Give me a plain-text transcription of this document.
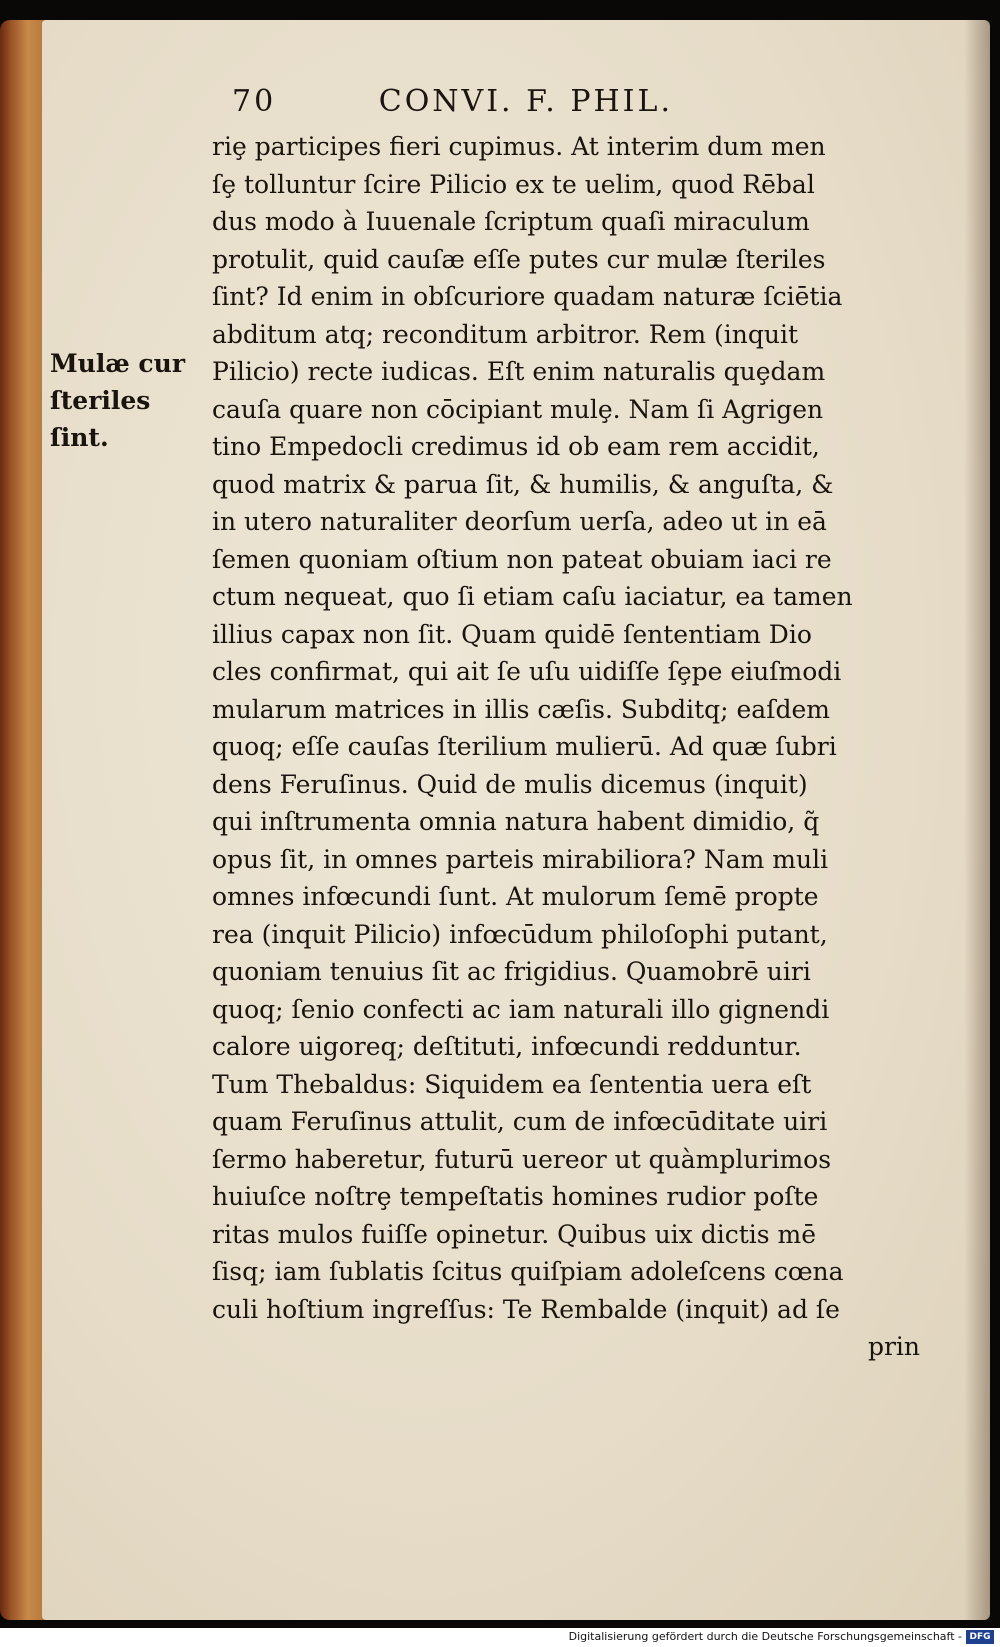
70	CONVI. F. PHIL.
Mulæ cur
ſteriles
ſint.
riȩ participes fieri cupimus. At interim dum men
ſȩ tolluntur ſcire Pilicio ex te uelim, quod Rēbal
dus modo à Iuuenale ſcriptum quaſi miraculum
protulit, quid cauſæ eſſe putes cur mulæ ſteriles
ſint? Id enim in obſcuriore quadam naturæ ſciētia
abditum atq; reconditum arbitror. Rem (inquit
Pilicio) recte iudicas. Eſt enim naturalis quȩdam
cauſa quare non cōcipiant mulȩ. Nam ſi Agrigen
tino Empedocli credimus id ob eam rem accidit,
quod matrix & parua ſit, & humilis, & anguſta, &
in utero naturaliter deorſum uerſa, adeo ut in eā
ſemen quoniam oſtium non pateat obuiam iaci re
ctum nequeat, quo ſi etiam caſu iaciatur, ea tamen
illius capax non ſit. Quam quidē ſententiam Dio
cles confirmat, qui ait ſe uſu uidiſſe ſȩpe eiuſmodi
mularum matrices in illis cæſis. Subditq; eaſdem
quoq; eſſe cauſas ſterilium mulierū. Ad quæ ſubri
dens Feruſinus. Quid de mulis dicemus (inquit)
qui inſtrumenta omnia natura habent dimidio, q̃
opus ſit, in omnes parteis mirabiliora? Nam muli
omnes infœcundi ſunt. At mulorum ſemē propte
rea (inquit Pilicio) infœcūdum philoſophi putant,
quoniam tenuius ſit ac frigidius. Quamobrē uiri
quoq; ſenio confecti ac iam naturali illo gignendi
calore uigoreq; deſtituti, infœcundi redduntur.
Tum Thebaldus: Siquidem ea ſententia uera eſt
quam Feruſinus attulit, cum de infœcūditate uiri
ſermo haberetur, futurū uereor ut quàmplurimos
huiuſce noſtrȩ tempeſtatis homines rudior poſte
ritas mulos fuiſſe opinetur. Quibus uix dictis mē
ſisq; iam ſublatis ſcitus quiſpiam adoleſcens cœna
culi hoſtium ingreſſus: Te Rembalde (inquit) ad ſe
prin
Digitalisierung gefördert durch die Deutsche Forschungsgemeinschaft - DFG
